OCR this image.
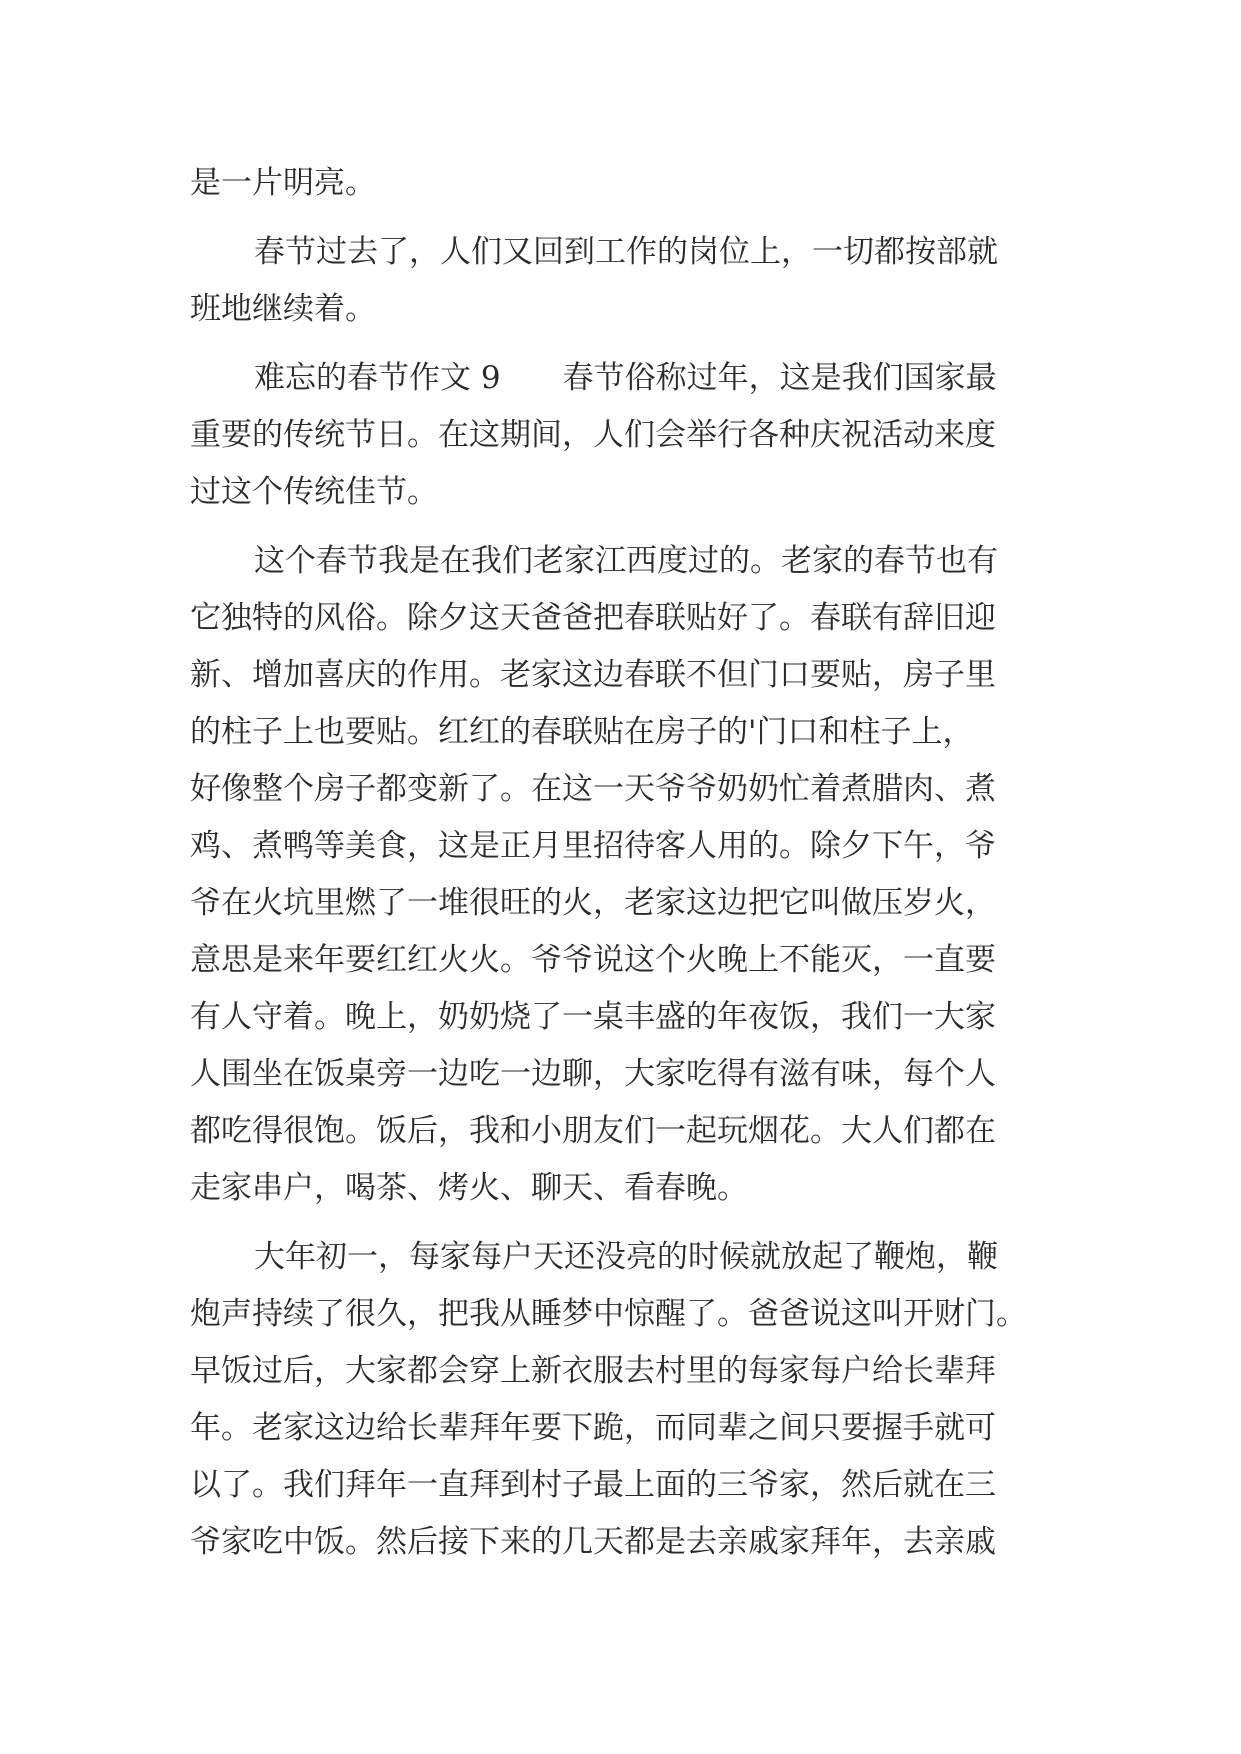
是一片明亮。
春节过去了，人们又回到工作的岗位上，一切都按部就
班地继续着。
难忘的春节作文 9 春节俗称过年，这是我们国家最
重要的传统节日。在这期间，人们会举行各种庆祝活动来度
过这个传统佳节。
这个春节我是在我们老家江西度过的。老家的春节也有
它独特的风俗。除夕这天爸爸把春联贴好了。春联有辞旧迎
新、增加喜庆的作用。老家这边春联不但门口要贴，房子里
的柱子上也要贴。红红的春联贴在房子的'门口和柱子上，
好像整个房子都变新了。在这一天爷爷奶奶忙着煮腊肉、煮
鸡、煮鸭等美食，这是正月里招待客人用的。除夕下午，爷
爷在火坑里燃了一堆很旺的火，老家这边把它叫做压岁火，
意思是来年要红红火火。爷爷说这个火晚上不能灭，一直要
有人守着。晚上，奶奶烧了一桌丰盛的年夜饭，我们一大家
人围坐在饭桌旁一边吃一边聊，大家吃得有滋有味，每个人
都吃得很饱。饭后，我和小朋友们一起玩烟花。大人们都在
走家串户，喝茶、烤火、聊天、看春晚。
大年初一，每家每户天还没亮的时候就放起了鞭炮，鞭
炮声持续了很久，把我从睡梦中惊醒了。爸爸说这叫开财门。
早饭过后，大家都会穿上新衣服去村里的每家每户给长辈拜
年。老家这边给长辈拜年要下跪，而同辈之间只要握手就可
以了。我们拜年一直拜到村子最上面的三爷家，然后就在三
爷家吃中饭。然后接下来的几天都是去亲戚家拜年，去亲戚
